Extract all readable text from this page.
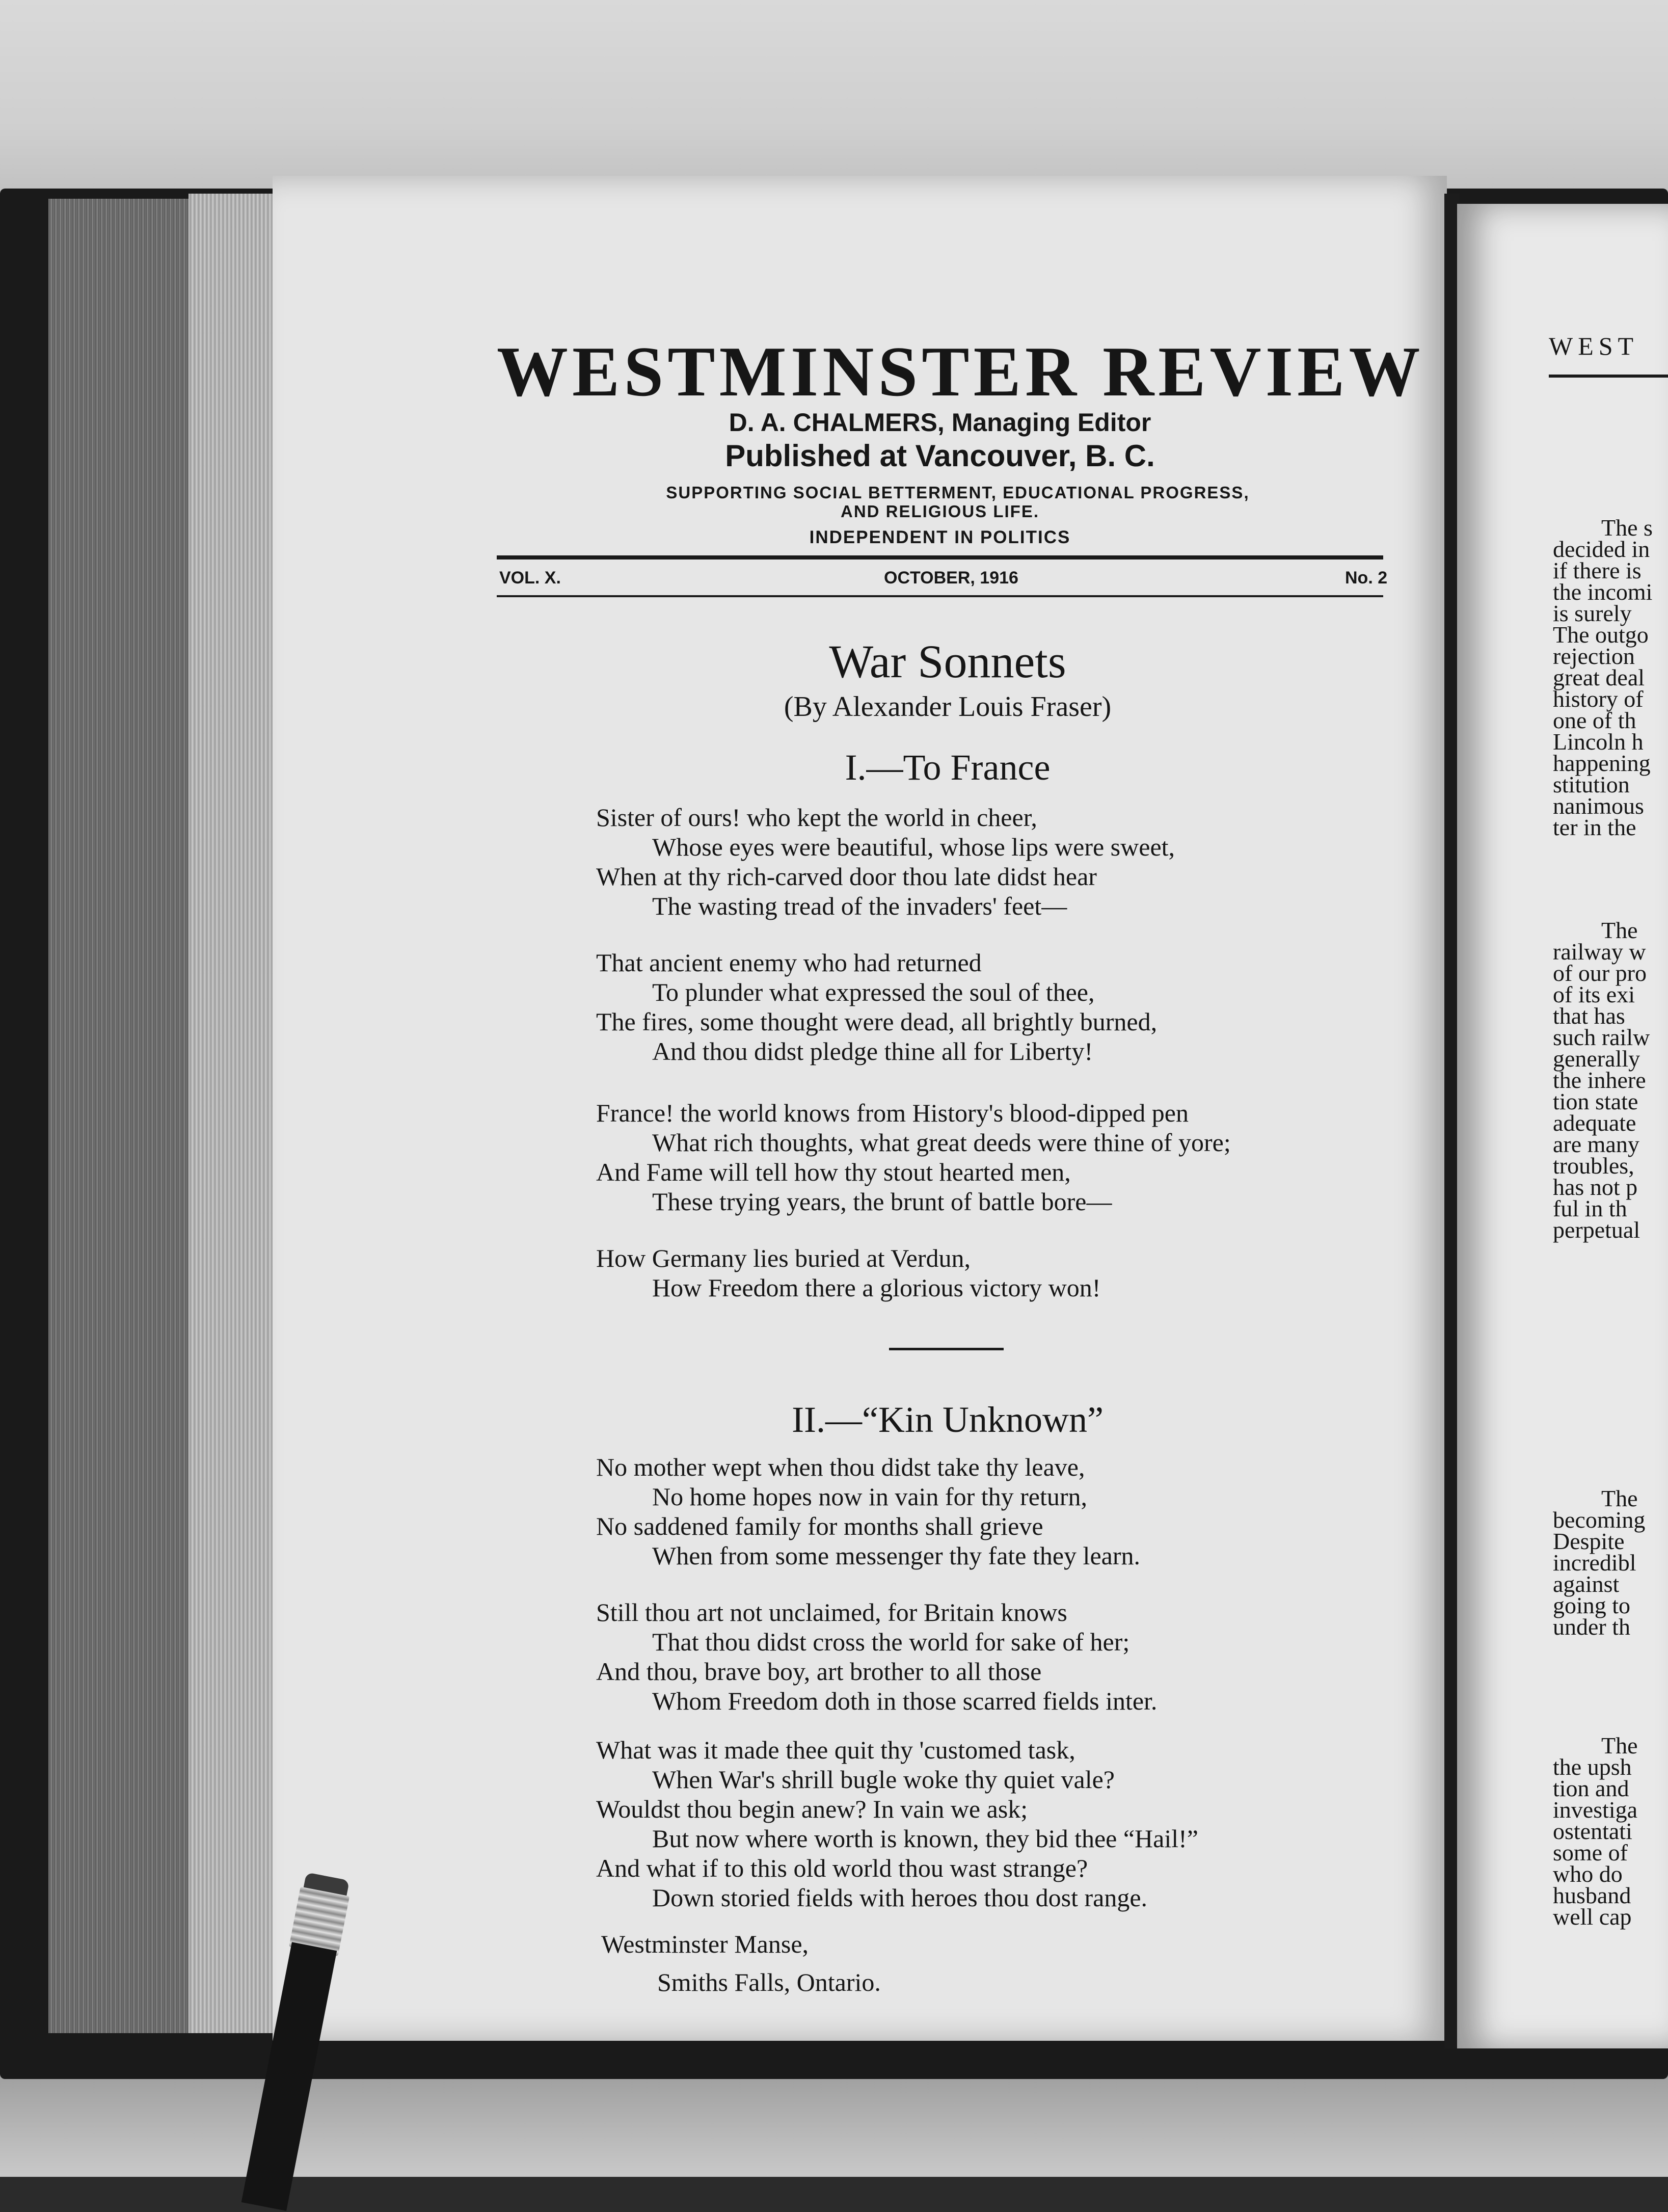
WESTMINSTER REVIEW
D. A. CHALMERS, Managing Editor
Published at Vancouver, B. C.
SUPPORTING SOCIAL BETTERMENT, EDUCATIONAL PROGRESS,
AND RELIGIOUS LIFE.
INDEPENDENT IN POLITICS
VOL. X.	OCTOBER, 1916	No. 2
War Sonnets
(By Alexander Louis Fraser)
I.—To France
Sister of ours! who kept the world in cheer,
Whose eyes were beautiful, whose lips were sweet,
When at thy rich-carved door thou late didst hear
The wasting tread of the invaders' feet—
That ancient enemy who had returned
To plunder what expressed the soul of thee,
The fires, some thought were dead, all brightly burned,
And thou didst pledge thine all for Liberty!
France! the world knows from History's blood-dipped pen
What rich thoughts, what great deeds were thine of yore;
And Fame will tell how thy stout hearted men,
These trying years, the brunt of battle bore—
How Germany lies buried at Verdun,
How Freedom there a glorious victory won!
II.—“Kin Unknown”
No mother wept when thou didst take thy leave,
No home hopes now in vain for thy return,
No saddened family for months shall grieve
When from some messenger thy fate they learn.
Still thou art not unclaimed, for Britain knows
That thou didst cross the world for sake of her;
And thou, brave boy, art brother to all those
Whom Freedom doth in those scarred fields inter.
What was it made thee quit thy 'customed task,
When War's shrill bugle woke thy quiet vale?
Wouldst thou begin anew? In vain we ask;
But now where worth is known, they bid thee “Hail!”
And what if to this old world thou wast strange?
Down storied fields with heroes thou dost range.
Westminster Manse,
Smiths Falls, Ontario.
WEST
The s
decided in
if there is
the incomi
is surely
The outgo
rejection
great deal
history of
one of th
Lincoln h
happening
stitution
nanimous
ter in the
The
railway w
of our pro
of its exi
that has
such railw
generally
the inhere
tion state
adequate
are many
troubles,
has not p
ful in th
perpetual
The
becoming
Despite
incredibl
against
going to
under th
The
the upsh
tion and
investiga
ostentati
some of
who do
husband
well cap
